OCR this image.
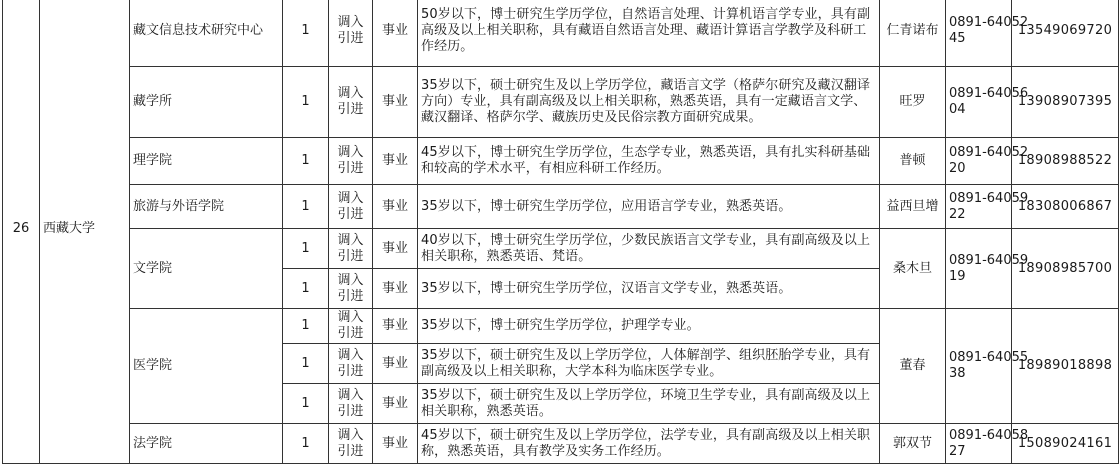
26	西藏大学	藏文信息技术研究中心	1	调入引进	事业	50岁以下，博士研究生学历学位，自然语言处理、计算机语言学专业，具有副高级及以上相关职称，具有藏语自然语言处理、藏语计算语言学教学及科研工作经历。	仁青诺布	0891-6405245	13549069720
		藏学所	1	调入引进	事业	35岁以下，硕士研究生及以上学历学位，藏语言文学（格萨尔研究及藏汉翻译方向）专业，具有副高级及以上相关职称，熟悉英语，具有一定藏语言文学、藏汉翻译、格萨尔学、藏族历史及民俗宗教方面研究成果。	旺罗	0891-6405604	13908907395
		理学院	1	调入引进	事业	45岁以下，博士研究生学历学位，生态学专业，熟悉英语，具有扎实科研基础和较高的学术水平，有相应科研工作经历。	普顿	0891-6405220	18908988522
		旅游与外语学院	1	调入引进	事业	35岁以下，博士研究生学历学位，应用语言学专业，熟悉英语。	益西旦增	0891-6405922	18308006867
		文学院	1	调入引进	事业	40岁以下，博士研究生学历学位，少数民族语言文学专业，具有副高级及以上相关职称，熟悉英语、梵语。	桑木旦	0891-6405919	18908985700
			1	调入引进	事业	35岁以下，博士研究生学历学位，汉语言文学专业，熟悉英语。			
		医学院	1	调入引进	事业	35岁以下，博士研究生学历学位，护理学专业。	董春	0891-6405538	18989018898
			1	调入引进	事业	35岁以下，硕士研究生及以上学历学位，人体解剖学、组织胚胎学专业，具有副高级及以上相关职称，大学本科为临床医学专业。			
			1	调入引进	事业	35岁以下，硕士研究生及以上学历学位，环境卫生学专业，具有副高级及以上相关职称，熟悉英语。			
		法学院	1	调入引进	事业	45岁以下，硕士研究生及以上学历学位，法学专业，具有副高级及以上相关职称，熟悉英语，具有教学及实务工作经历。	郭双节	0891-6405827	15089024161
